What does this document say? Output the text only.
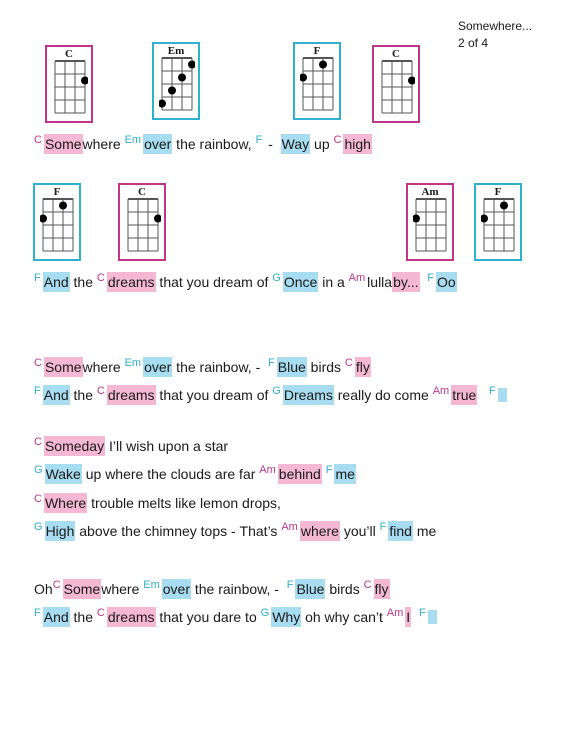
Somewhere...
2 of 4
C	Em	F	C
F	C	Am	F
C Somewhere Em over the rainbow, F -  Way up C high
F And the C dreams that you dream of G Once in a Am lullaby... F Oo
C Somewhere Em over the rainbow, -  F Blue birds C fly
F And the C dreams that you dream of G Dreams really do come Am true F
C Someday I’ll wish upon a star
G Wake up where the clouds are far Am behind F me
C Where trouble melts like lemon drops,
G High above the chimney tops - That’s Am where you’ll F find me
OhC Somewhere Em over the rainbow, -  F Blue birds C fly
F And the C dreams that you dare to G Why oh why can’t Am I F
